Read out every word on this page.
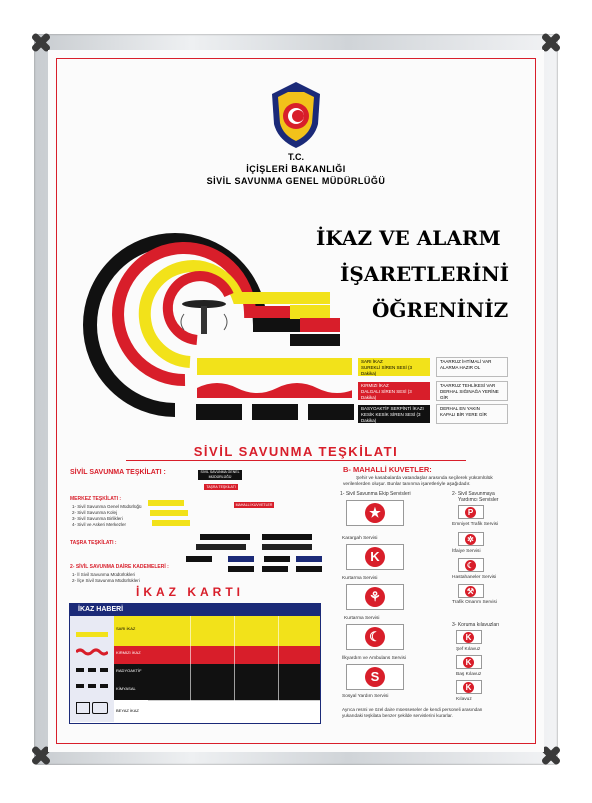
T.C.

İÇİŞLERİ BAKANLIĞI

SİVİL SAVUNMA GENEL MÜDÜRLÜĞÜ

SARI İKAZ
SUREKLİ SİREN SESİ (3 Dakika)
TAARRUZ İHTİMALİ VAR
ALARMA HAZIR OL
KIRMIZI İKAZ
DALGALI SİREN SESİ (3 Dakika)
TAARRUZ TEHLİKESİ VAR
DERHAL SIĞINAĞA YERİNE GİR
BASYOAKTİF SERPİNTİ İKAZI
KESİK KESİK SİREN SESİ (3 Dakika)
DERHAL EN YAKIN
KAPALI BİR YERE GİR

İKAZ VE ALARM

İŞARETLERİNİ

ÖĞRENİNİZ

SİVİL SAVUNMA TEŞKİLATI

SİVİL SAVUNMA TEŞKİLATI :

MERKEZ TEŞKİLATI :

1- Sivil Savunma Genel Müdürlüğü

2- Sivil Savunma Kolej

3- Sivil Savunma Birlikleri

4- Sivil ve Askeri Merkezler

TAŞRA TEŞKİLATI :

2- SİVİL SAVUNMA DAİRE KADEMELERİ :

1- İl Sivil Savunma Müdürlükleri

2- İlçe Sivil Savunma Müdürlükleri

SİVİL SAVUNMA GENEL MÜDÜRLÜĞÜ
TAŞRA TEŞKİLATI
MAHALLİ KUVVETLER

B- MAHALLİ KUVETLER:

Şehir ve kasabalarda vatandaşlar arasında seçilerek yükümlülük

verilenlerden oluşur. Bunlar tanınma işaretleriyle aşağıdadır.

1- Sivil Savunma Ekip Servisleri	2- Sivil Savunmaya

Yardımcı Servisler

★

Karargah Servisi

K

Kurtarma Servisi

⚘

Kurtarma Servisi

☾

İlkyardım ve Ambulans Servisi

S

Sosyal Yardım Servisi

P

Emniyet Trafik Servisi

✲

İtfaiye Servisi

☾

Hastahaneler Servisi

⚒

Trafik Onarım Servisi

3- Koruma kılavuzları

K

Şef Kılavuz

K

Baş Kılavuz

K

Kılavuz

Ayrıca resmi ve özel daire müesseseler de kendi personeli arasından

yukarıdaki teşkilata benzer şekilde servislerini kurarlar.

İKAZ KARTI

İKAZ HABERİ

SARI İKAZ

KIRMIZI İKAZ

RADYOAKTİF

KİMYASAL

BEYAZ İKAZ
